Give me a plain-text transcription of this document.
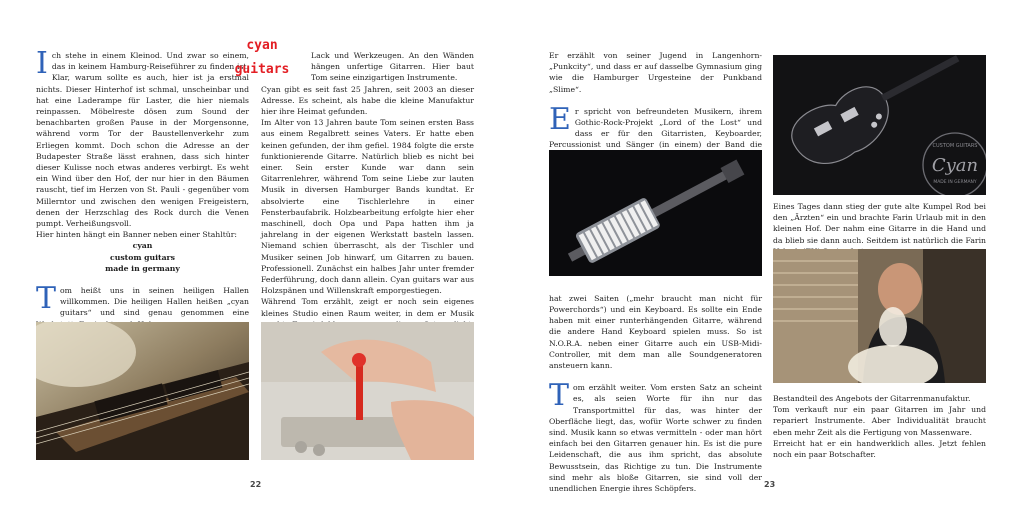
Ich stehe in einem Kleinod. Und zwar so einem, das in keinem Hamburg-Reiseführer zu finden ist. Klar, warum sollte es auch, hier ist ja erstmal nichts. Dieser Hinterhof ist schmal, unscheinbar und hat eine Laderampe für Laster, die hier niemals reinpassen. Möbelreste dösen zum Sound der benachbarten großen Pause in der Morgensonne, während vorm Tor der Baustellenverkehr zum Erliegen kommt. Doch schon die Adresse an der Budapester Straße lässt erahnen, dass sich hinter dieser Kulisse noch etwas anderes verbirgt. Es weht ein Wind über den Hof, der nur hier in den Bäumen rauscht, tief im Herzen von St. Pauli - gegenüber vom Millerntor und zwischen den wenigen Freigeistern, denen der Herzschlag des Rock durch die Venen pumpt. Verheißungsvoll.

Hier hinten hängt ein Banner neben einer Stahltür:

cyan
custom guitars
made in germany

Tom heißt uns in seinen heiligen Hallen willkommen. Die heiligen Hallen heißen „cyan guitars“ und sind genau genommen eine

cyan
guitars

Lack und Werkzeugen. An den Wänden hängen unfertige Gitarren. Hier baut Tom seine einzigartigen Instrumente.

Cyan gibt es seit fast 25 Jahren, seit 2003 an dieser Adresse. Es scheint, als habe die kleine Manufaktur hier ihre Heimat gefunden.

Im Alter von 13 Jahren baute Tom seinen ersten Bass aus einem Regalbrett seines Vaters. Er hatte eben keinen gefunden, der ihm gefiel. 1984 folgte die erste funktionierende Gitarre. Natürlich blieb es nicht bei einer. Sein erster Kunde war dann sein Gitarrenlehrer, während Tom seine Liebe zur lauten Musik in diversen Hamburger Bands kundtat. Er absolvierte eine Tischlerlehre in einer Fensterbaufabrik. Holzbearbeitung erfolgte hier eher maschinell, doch Opa und Papa hatten ihm ja jahrelang in der eigenen Werkstatt basteln lassen. Niemand schien überrascht, als der Tischler und Musiker seinen Job hinwarf, um Gitarren zu bauen. Professionell. Zunächst ein halbes Jahr unter fremder Federführung, doch dann allein. Cyan guitars war aus Holzspänen und Willenskraft emporgestiegen.

Während Tom erzählt, zeigt er noch sein eigenes kleines Studio einen Raum weiter, in dem er Musik

22

Er erzählt von seiner Jugend in Langenhorn-„Punkcity“, und dass er auf dasselbe Gymnasium ging wie die Hamburger Urgesteine der Punkband „Slime“.

Er spricht von befreundeten Musikern, ihrem Gothic-Rock-Projekt „Lord of the Lost“ und dass er für den Gitarristen, Keyboarder, Percussionist und Sänger (in einem) der Band die

hat zwei Saiten („mehr braucht man nicht für Powerchords“) und ein Keyboard. Es sollte ein Ende haben mit einer runterhängenden Gitarre, während die andere Hand Keyboard spielen muss. So ist N.O.R.A. neben einer Gitarre auch ein USB-Midi-Controller, mit dem man alle Soundgeneratoren ansteuern kann.

Tom erzählt weiter. Vom ersten Satz an scheint es, als seien Worte für ihn nur das Transportmittel für das, was hinter der Oberfläche liegt, das, wofür Worte schwer zu finden sind. Musik kann so etwas vermitteln - oder man hört einfach bei den Gitarren genauer hin. Es ist die pure Leidenschaft, die aus ihm spricht, das absolute Bewusstsein, das Richtige zu tun. Die Instrumente sind mehr als bloße Gitarren, sie sind voll der unendlichen Energie ihres Schöpfers.

CUSTOM GUITARS
Cyan
MADE IN GERMANY

Eines Tages dann stieg der gute alte Kumpel Rod bei den „Ärzten“ ein und brachte Farin Urlaub mit in den kleinen Hof. Der nahm eine Gitarre in die Hand und da blieb sie dann auch. Seitdem ist natürlich die Farin

Bestandteil des Angebots der Gitarrenmanufaktur.

Tom verkauft nur ein paar Gitarren im Jahr und repariert Instrumente. Aber Individualität braucht eben mehr Zeit als die Fertigung von Massenware.

Erreicht hat er ein handwerklich alles. Jetzt fehlen noch ein paar Botschafter.

23
